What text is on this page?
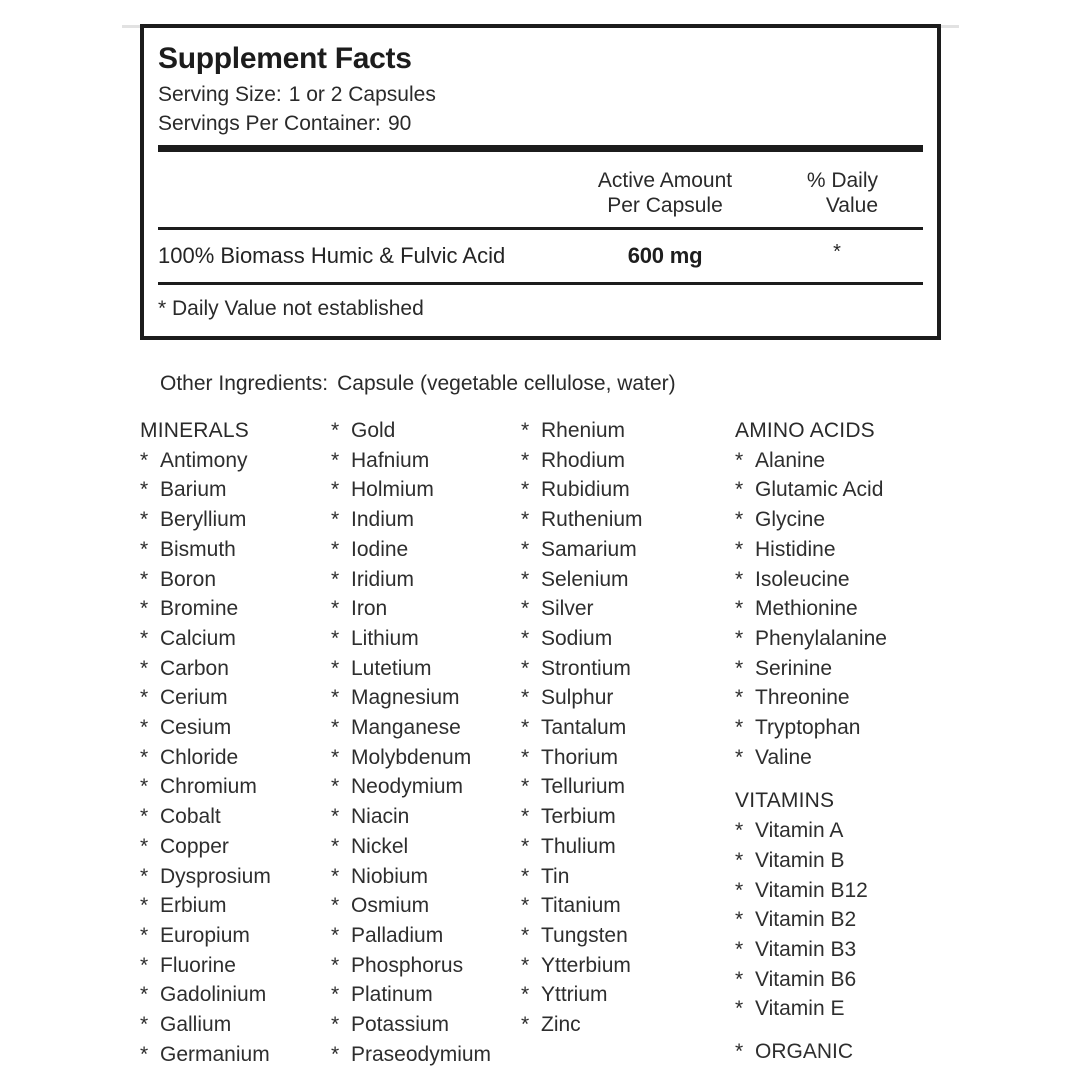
Supplement Facts
Serving Size: 1 or 2 Capsules
Servings Per Container: 90
Active Amount
Per Capsule
% Daily
Value
100% Biomass Humic & Fulvic Acid	600 mg	*
* Daily Value not established
Other Ingredients: Capsule (vegetable cellulose, water)
MINERALS
* Antimony
* Barium
* Beryllium
* Bismuth
* Boron
* Bromine
* Calcium
* Carbon
* Cerium
* Cesium
* Chloride
* Chromium
* Cobalt
* Copper
* Dysprosium
* Erbium
* Europium
* Fluorine
* Gadolinium
* Gallium
* Germanium
* Gold
* Hafnium
* Holmium
* Indium
* Iodine
* Iridium
* Iron
* Lithium
* Lutetium
* Magnesium
* Manganese
* Molybdenum
* Neodymium
* Niacin
* Nickel
* Niobium
* Osmium
* Palladium
* Phosphorus
* Platinum
* Potassium
* Praseodymium
* Rhenium
* Rhodium
* Rubidium
* Ruthenium
* Samarium
* Selenium
* Silver
* Sodium
* Strontium
* Sulphur
* Tantalum
* Thorium
* Tellurium
* Terbium
* Thulium
* Tin
* Titanium
* Tungsten
* Ytterbium
* Yttrium
* Zinc
AMINO ACIDS
* Alanine
* Glutamic Acid
* Glycine
* Histidine
* Isoleucine
* Methionine
* Phenylalanine
* Serinine
* Threonine
* Tryptophan
* Valine
VITAMINS
* Vitamin A
* Vitamin B
* Vitamin B12
* Vitamin B2
* Vitamin B3
* Vitamin B6
* Vitamin E
* ORGANIC
